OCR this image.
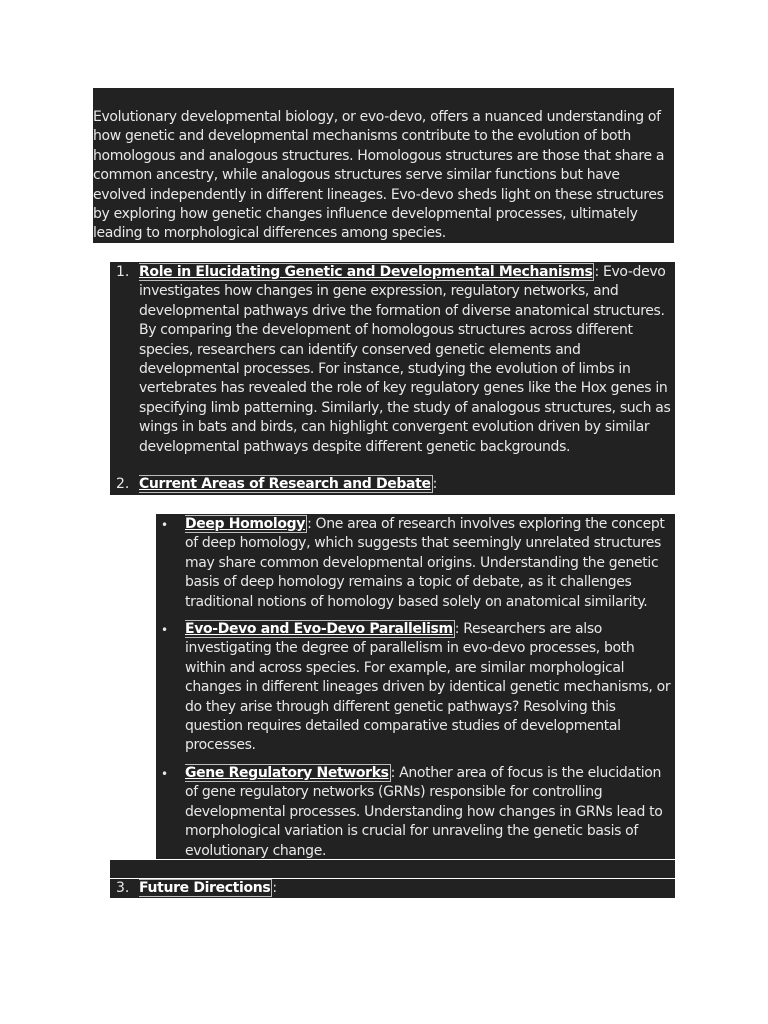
Evolutionary developmental biology, or evo-devo, offers a nuanced understanding of how genetic and developmental mechanisms contribute to the evolution of both homologous and analogous structures. Homologous structures are those that share a common ancestry, while analogous structures serve similar functions but have evolved independently in different lineages. Evo-devo sheds light on these structures by exploring how genetic changes influence developmental processes, ultimately leading to morphological differences among species.
1. Role in Elucidating Genetic and Developmental Mechanisms : Evo-devo investigates how changes in gene expression, regulatory networks, and developmental pathways drive the formation of diverse anatomical structures. By comparing the development of homologous structures across different species, researchers can identify conserved genetic elements and developmental processes. For instance, studying the evolution of limbs in vertebrates has revealed the role of key regulatory genes like the Hox genes in specifying limb patterning. Similarly, the study of analogous structures, such as wings in bats and birds, can highlight convergent evolution driven by similar developmental pathways despite different genetic backgrounds.
2. Current Areas of Research and Debate :
• Deep Homology : One area of research involves exploring the concept of deep homology, which suggests that seemingly unrelated structures may share common developmental origins. Understanding the genetic basis of deep homology remains a topic of debate, as it challenges traditional notions of homology based solely on anatomical similarity.
• Evo-Devo and Evo-Devo Parallelism : Researchers are also investigating the degree of parallelism in evo-devo processes, both within and across species. For example, are similar morphological changes in different lineages driven by identical genetic mechanisms, or do they arise through different genetic pathways? Resolving this question requires detailed comparative studies of developmental processes.
• Gene Regulatory Networks : Another area of focus is the elucidation of gene regulatory networks (GRNs) responsible for controlling developmental processes. Understanding how changes in GRNs lead to morphological variation is crucial for unraveling the genetic basis of evolutionary change.
3. Future Directions :
